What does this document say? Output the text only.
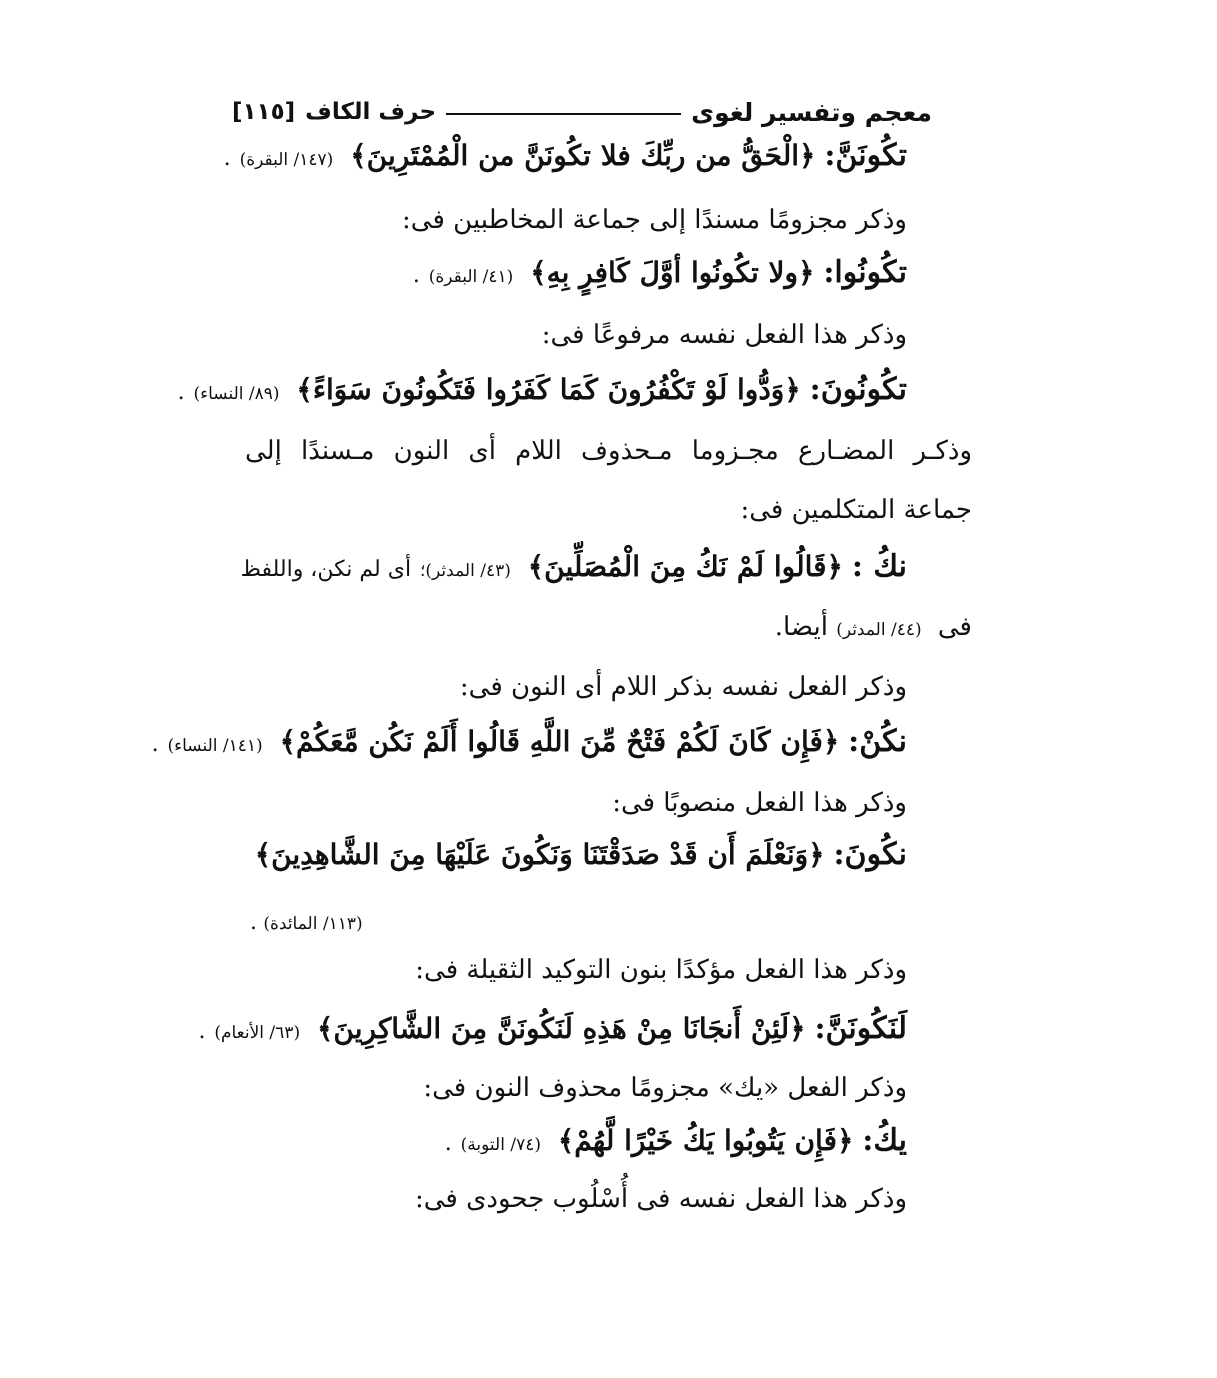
معجم وتفسير لغوى
حرف الكاف
[١١٥]
تكُونَنَّ: ﴿الْحَقُّ من ربِّكَ فلا تكُونَنَّ من الْمُمْتَرِينَ﴾ (١٤٧/ البقرة) .
وذكر مجزومًا مسندًا إلى جماعة المخاطبين فى:
تكُونُوا: ﴿ولا تكُونُوا أوَّلَ كَافِرٍ بِهِ﴾ (٤١/ البقرة) .
وذكر هذا الفعل نفسه مرفوعًا فى:
تكُونُونَ: ﴿وَدُّوا لَوْ تَكْفُرُونَ كَمَا كَفَرُوا فَتَكُونُونَ سَوَاءً﴾ (٨٩/ النساء) .
وذكـر المضـارع مجـزوما مـحذوف اللام أى النون مـسندًا إلى
جماعة المتكلمين فى:
نكُ : ﴿قَالُوا لَمْ نَكُ مِنَ الْمُصَلِّينَ﴾ (٤٣/ المدثر)؛ أى لم نكن، واللفظ
فى (٤٤/ المدثر) أيضا.
وذكر الفعل نفسه بذكر اللام أى النون فى:
نكُنْ: ﴿فَإِن كَانَ لَكُمْ فَتْحٌ مِّنَ اللَّهِ قَالُوا أَلَمْ نَكُن مَّعَكُمْ﴾ (١٤١/ النساء) .
وذكر هذا الفعل منصوبًا فى:
نكُونَ: ﴿وَنَعْلَمَ أَن قَدْ صَدَقْتَنَا وَنَكُونَ عَلَيْهَا مِنَ الشَّاهِدِينَ﴾
(١١٣/ المائدة) .
وذكر هذا الفعل مؤكدًا بنون التوكيد الثقيلة فى:
لَنَكُونَنَّ: ﴿لَئِنْ أَنجَانَا مِنْ هَذِهِ لَنَكُونَنَّ مِنَ الشَّاكِرِينَ﴾ (٦٣/ الأنعام) .
وذكر الفعل «يك» مجزومًا محذوف النون فى:
يكُ: ﴿فَإِن يَتُوبُوا يَكُ خَيْرًا لَّهُمْ﴾ (٧٤/ التوبة) .
وذكر هذا الفعل نفسه فى أُسْلُوب جحودى فى:
